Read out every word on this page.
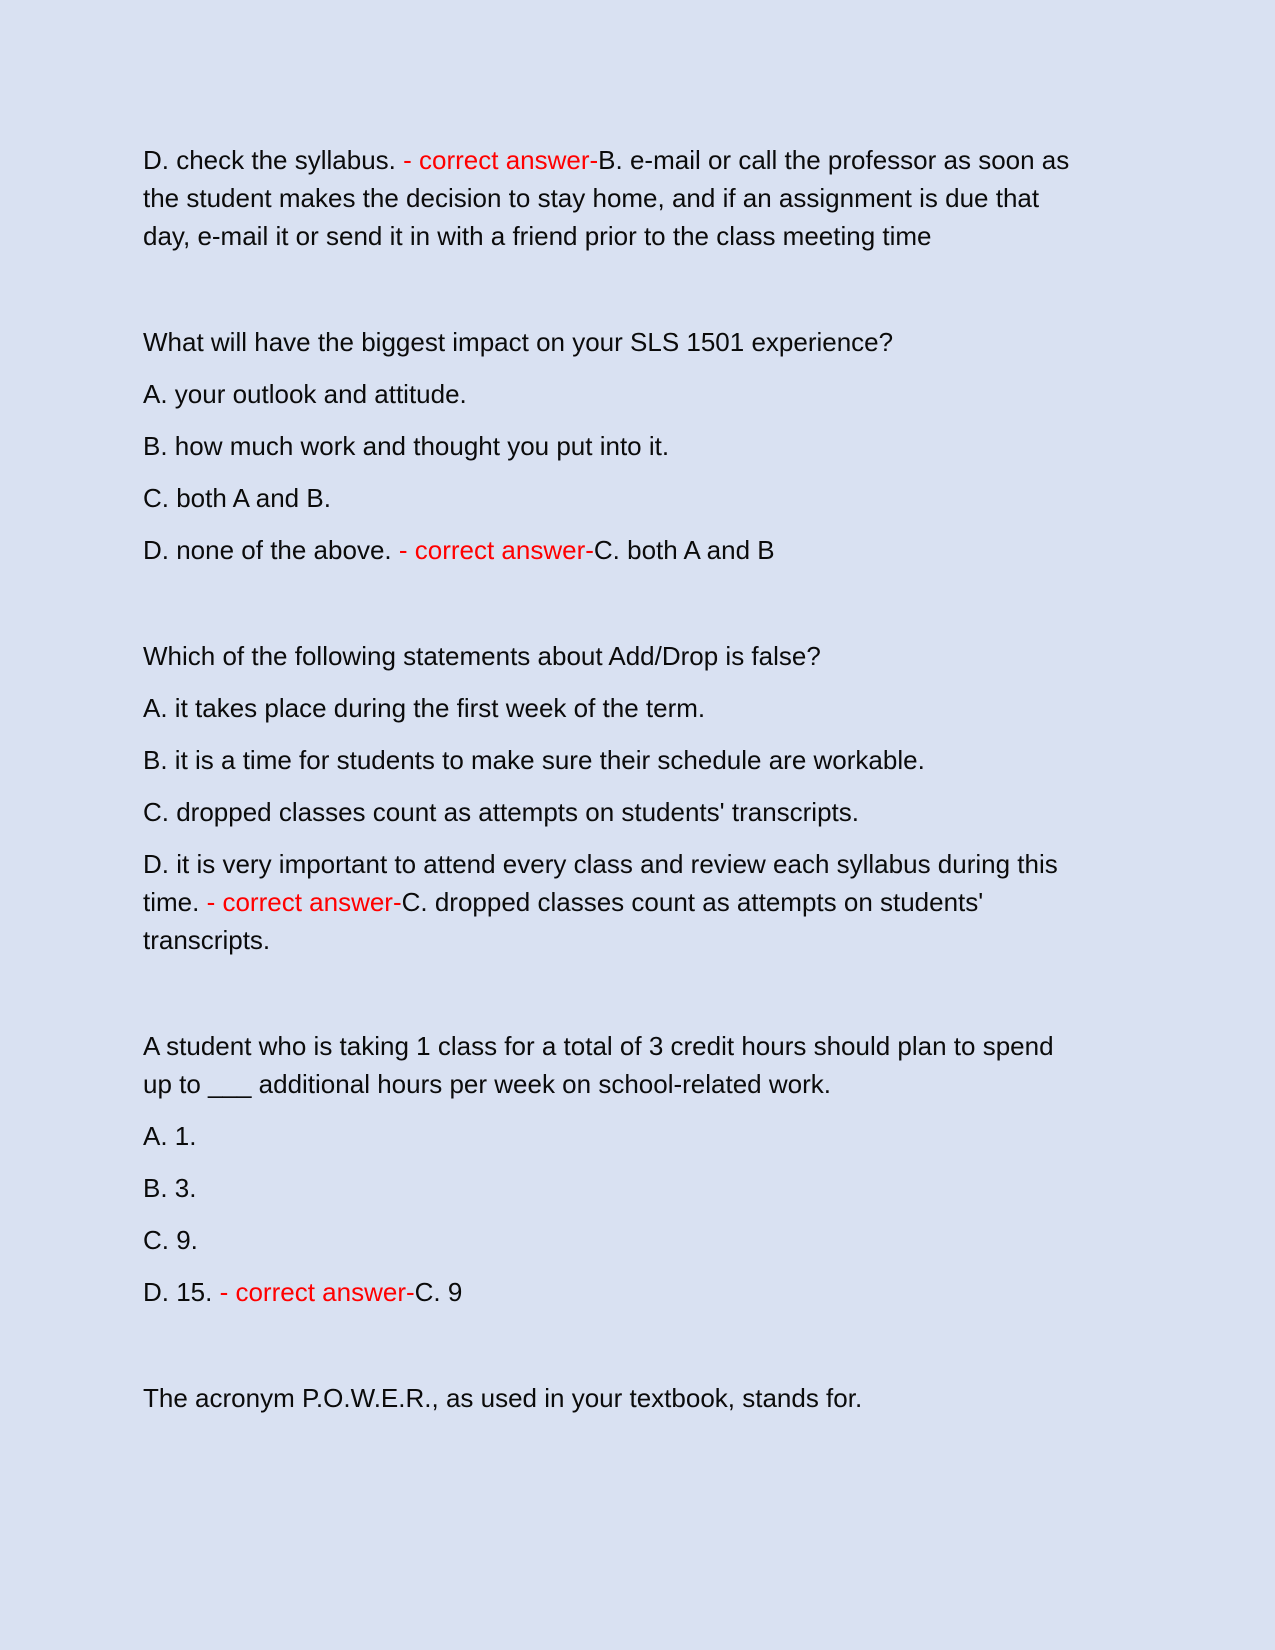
D. check the syllabus. - correct answer-B. e-mail or call the professor as soon as
the student makes the decision to stay home, and if an assignment is due that
day, e-mail it or send it in with a friend prior to the class meeting time

What will have the biggest impact on your SLS 1501 experience?

A. your outlook and attitude.

B. how much work and thought you put into it.

C. both A and B.

D. none of the above. - correct answer-C. both A and B

Which of the following statements about Add/Drop is false?

A. it takes place during the first week of the term.

B. it is a time for students to make sure their schedule are workable.

C. dropped classes count as attempts on students' transcripts.

D. it is very important to attend every class and review each syllabus during this
time. - correct answer-C. dropped classes count as attempts on students'
transcripts.

A student who is taking 1 class for a total of 3 credit hours should plan to spend
up to ___ additional hours per week on school-related work.

A. 1.

B. 3.

C. 9.

D. 15. - correct answer-C. 9

The acronym P.O.W.E.R., as used in your textbook, stands for.
